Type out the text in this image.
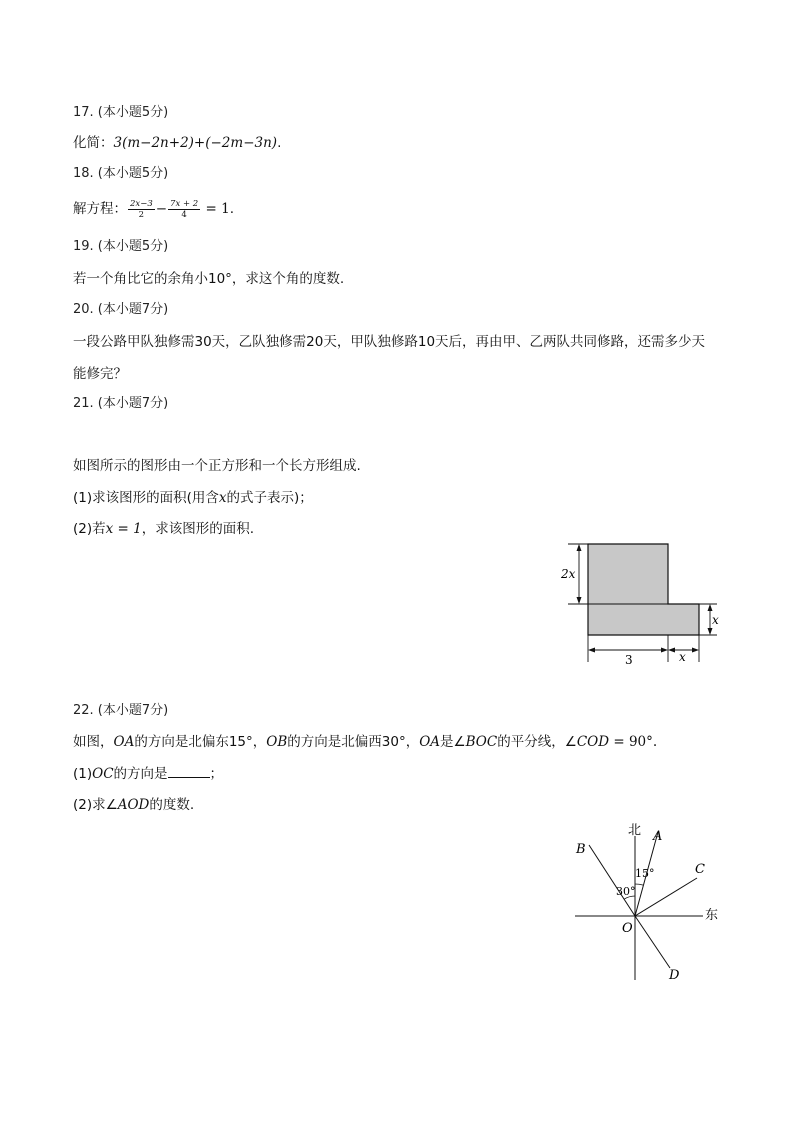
17. (本小题5分)
化简：3(m−2n+2)+(−2m−3n).
18. (本小题5分)
解方程： $\frac{2x-3}{2} - \frac{7x + 2}{4} = 1$.
19. (本小题5分)
若一个角比它的余角小10°，求这个角的度数.
20. (本小题7分)
一段公路甲队独修需30天，乙队独修需20天，甲队独修路10天后，再由甲、乙两队共同修路，还需多少天
能修完？
21. (本小题7分)
如图所示的图形由一个正方形和一个长方形组成.
(1)求该图形的面积(用含x的式子表示)；
(2)若x = 1，求该图形的面积.
2x
x
3	x
22. (本小题7分)
如图，OA的方向是北偏东15°，OB的方向是北偏西30°，OA是∠BOC的平分线，∠COD = 90°.
(1)OC的方向是	；
(2)求∠AOD的度数.
北
东
A
B
C
D
O
15°
30°
